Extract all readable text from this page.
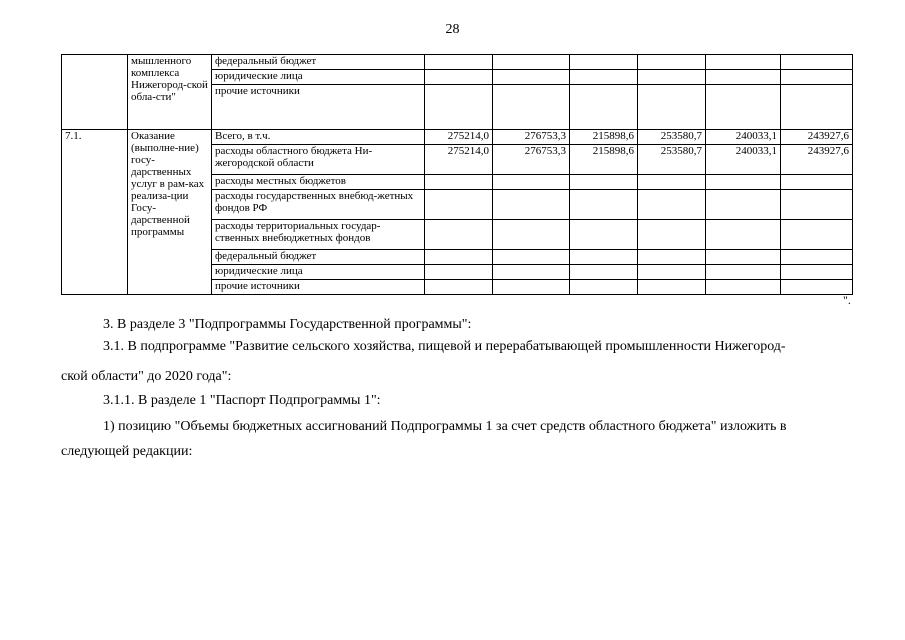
28
	мышленного комплекса Нижегород-ской обла-сти"	федеральный бюджет						
		юридические лица						
		прочие источники						
7.1.	Оказание (выполне-ние) госу-дарственных услуг в рам-ках реализа-ции Госу-дарственной программы	Всего, в т.ч.	275214,0	276753,3	215898,6	253580,7	240033,1	243927,6
		расходы областного бюджета Ни-жегородской области	275214,0	276753,3	215898,6	253580,7	240033,1	243927,6
		расходы местных бюджетов						
		расходы государственных внебюд-жетных фондов РФ						
		расходы территориальных государ-ственных внебюджетных фондов						
		федеральный бюджет						
		юридические лица						
		прочие источники						
".
3. В разделе 3 "Подпрограммы Государственной программы":
3.1. В подпрограмме "Развитие сельского хозяйства, пищевой и перерабатывающей промышленности Нижегород-
ской области" до 2020 года":
3.1.1. В разделе 1 "Паспорт Подпрограммы 1":
1) позицию "Объемы бюджетных ассигнований Подпрограммы 1 за счет средств областного бюджета" изложить в
следующей редакции:
